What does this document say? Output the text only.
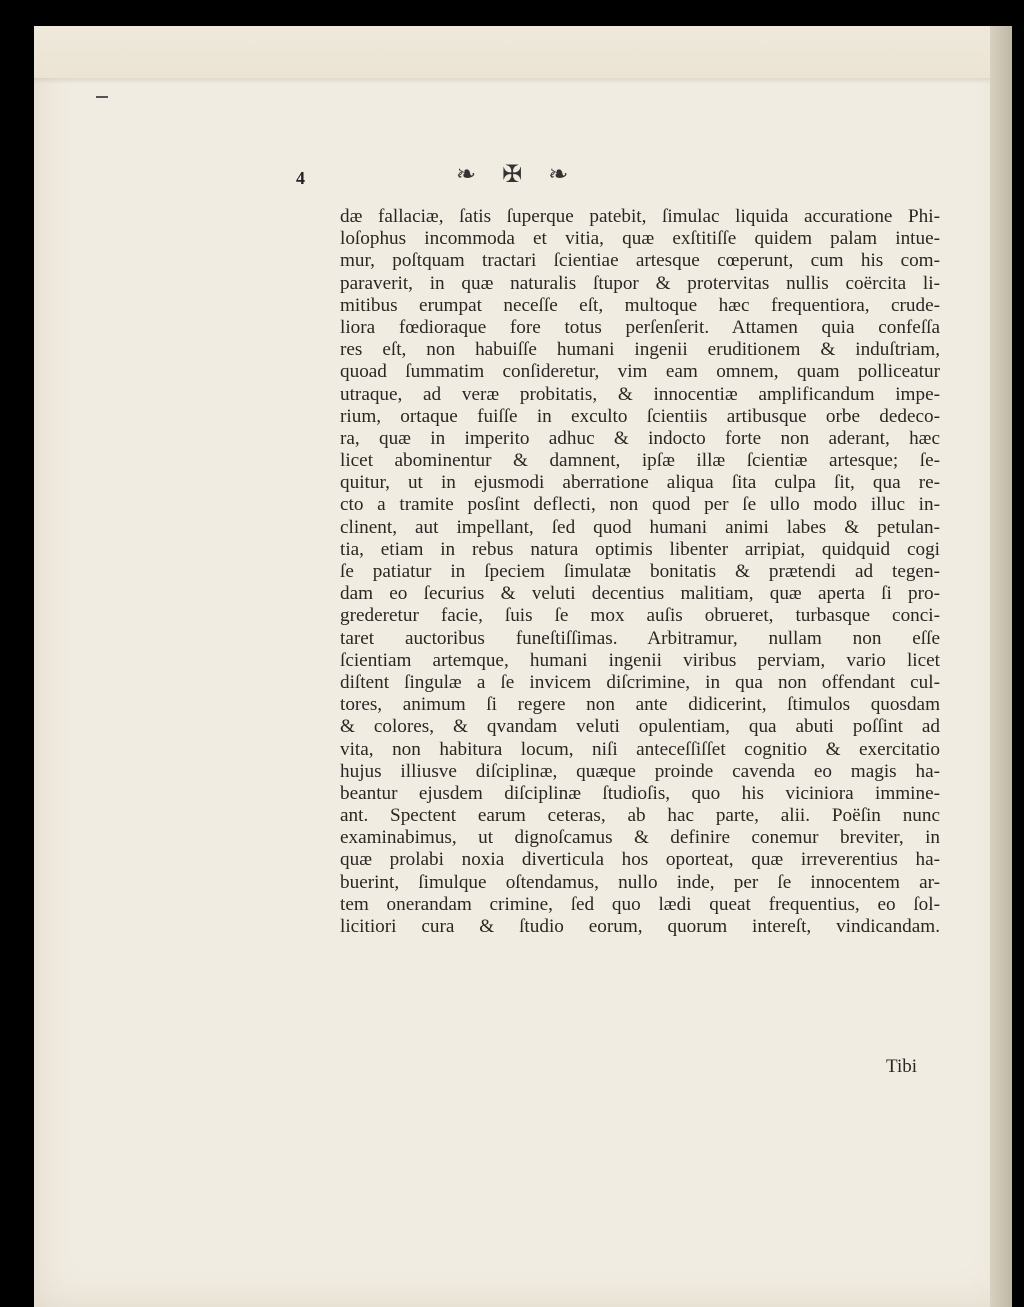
4	❧ ✠ ❧
dæ fallaciæ, ſatis ſuperque patebit, ſimulac liquida accuratione Phi-
loſophus incommoda et vitia, quæ exſtitiſſe quidem palam intue-
mur, poſtquam tractari ſcientiae artesque cœperunt, cum his com-
paraverit, in quæ naturalis ſtupor & protervitas nullis coërcita li-
mitibus erumpat neceſſe eſt, multoque hæc frequentiora, crude-
liora fœdioraque fore totus perſenſerit. Attamen quia confeſſa
res eſt, non habuiſſe humani ingenii eruditionem & induſtriam,
quoad ſummatim conſideretur, vim eam omnem, quam polliceatur
utraque, ad veræ probitatis, & innocentiæ amplificandum impe-
rium, ortaque fuiſſe in exculto ſcientiis artibusque orbe dedeco-
ra, quæ in imperito adhuc & indocto forte non aderant, hæc
licet abominentur & damnent, ipſæ illæ ſcientiæ artesque; ſe-
quitur, ut in ejusmodi aberratione aliqua ſita culpa ſit, qua re-
cto a tramite posſint deflecti, non quod per ſe ullo modo illuc in-
clinent, aut impellant, ſed quod humani animi labes & petulan-
tia, etiam in rebus natura optimis libenter arripiat, quidquid cogi
ſe patiatur in ſpeciem ſimulatæ bonitatis & prætendi ad tegen-
dam eo ſecurius & veluti decentius malitiam, quæ aperta ſi pro-
grederetur facie, ſuis ſe mox auſis obrueret, turbasque conci-
taret auctoribus funeſtiſſimas. Arbitramur, nullam non eſſe
ſcientiam artemque, humani ingenii viribus perviam, vario licet
diſtent ſingulæ a ſe invicem diſcrimine, in qua non offendant cul-
tores, animum ſi regere non ante didicerint, ſtimulos quosdam
& colores, & qvandam veluti opulentiam, qua abuti poſſint ad
vita, non habitura locum, niſi anteceſſiſſet cognitio & exercitatio
hujus illiusve diſciplinæ, quæque proinde cavenda eo magis ha-
beantur ejusdem diſciplinæ ſtudioſis, quo his viciniora immine-
ant. Spectent earum ceteras, ab hac parte, alii. Poëſin nunc
examinabimus, ut dignoſcamus & definire conemur breviter, in
quæ prolabi noxia diverticula hos oporteat, quæ irreverentius ha-
buerint, ſimulque oſtendamus, nullo inde, per ſe innocentem ar-
tem onerandam crimine, ſed quo lædi queat frequentius, eo ſol-
licitiori cura & ſtudio eorum, quorum intereſt, vindicandam.
Tibi
